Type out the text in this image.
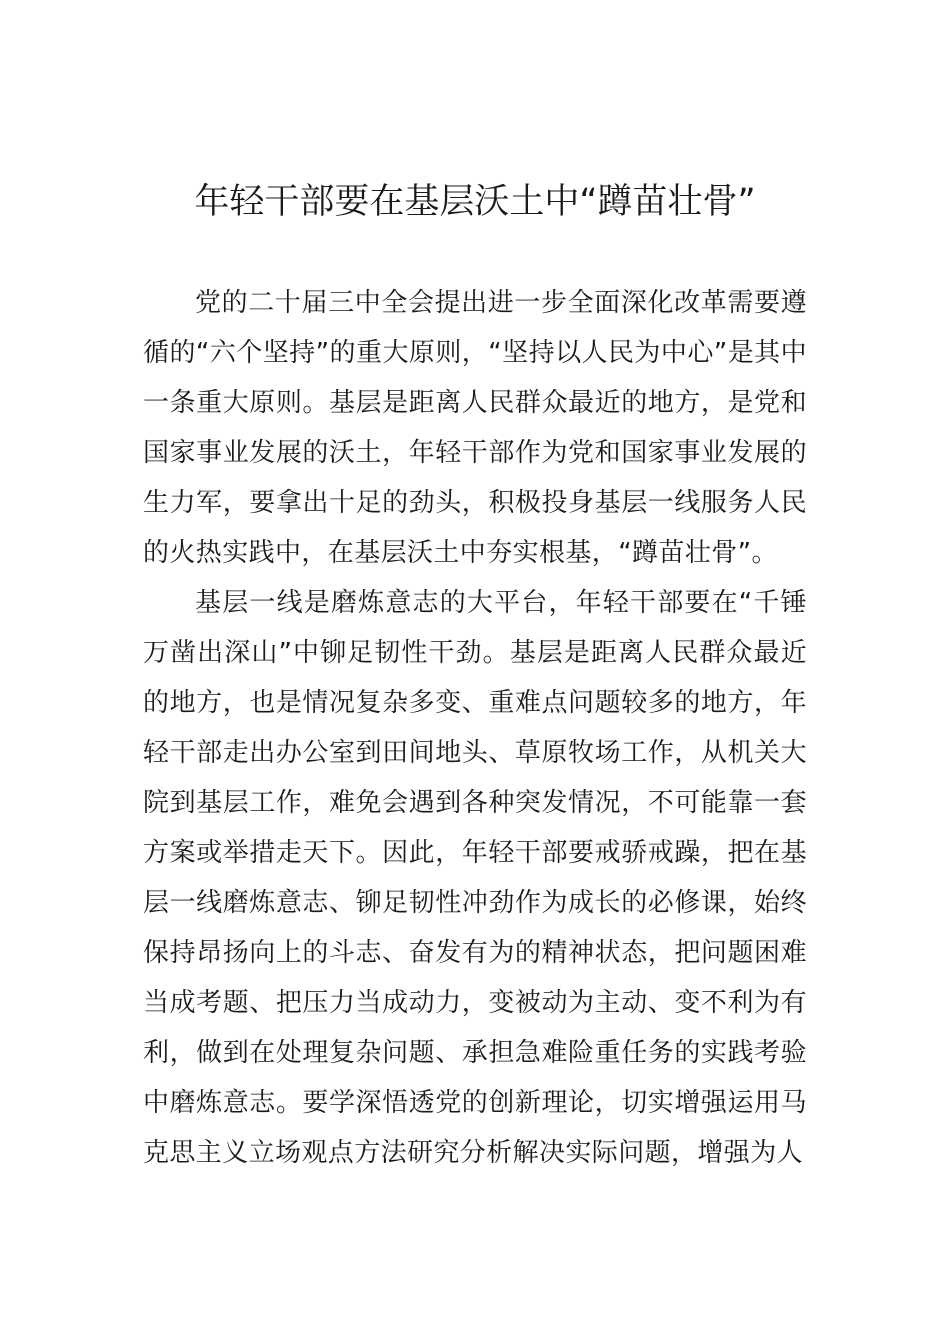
年轻干部要在基层沃土中“蹲苗壮骨”

党的二十届三中全会提出进一步全面深化改革需要遵循的“六个坚持”的重大原则，“坚持以人民为中心”是其中一条重大原则。基层是距离人民群众最近的地方，是党和国家事业发展的沃土，年轻干部作为党和国家事业发展的生力军，要拿出十足的劲头，积极投身基层一线服务人民的火热实践中，在基层沃土中夯实根基，“蹲苗壮骨”。

基层一线是磨炼意志的大平台，年轻干部要在“千锤万凿出深山”中铆足韧性干劲。基层是距离人民群众最近的地方，也是情况复杂多变、重难点问题较多的地方，年轻干部走出办公室到田间地头、草原牧场工作，从机关大院到基层工作，难免会遇到各种突发情况，不可能靠一套方案或举措走天下。因此，年轻干部要戒骄戒躁，把在基层一线磨炼意志、铆足韧性冲劲作为成长的必修课，始终保持昂扬向上的斗志、奋发有为的精神状态，把问题困难当成考题、把压力当成动力，变被动为主动、变不利为有利，做到在处理复杂问题、承担急难险重任务的实践考验中磨炼意志。要学深悟透党的创新理论，切实增强运用马克思主义立场观点方法研究分析解决实际问题，增强为人
